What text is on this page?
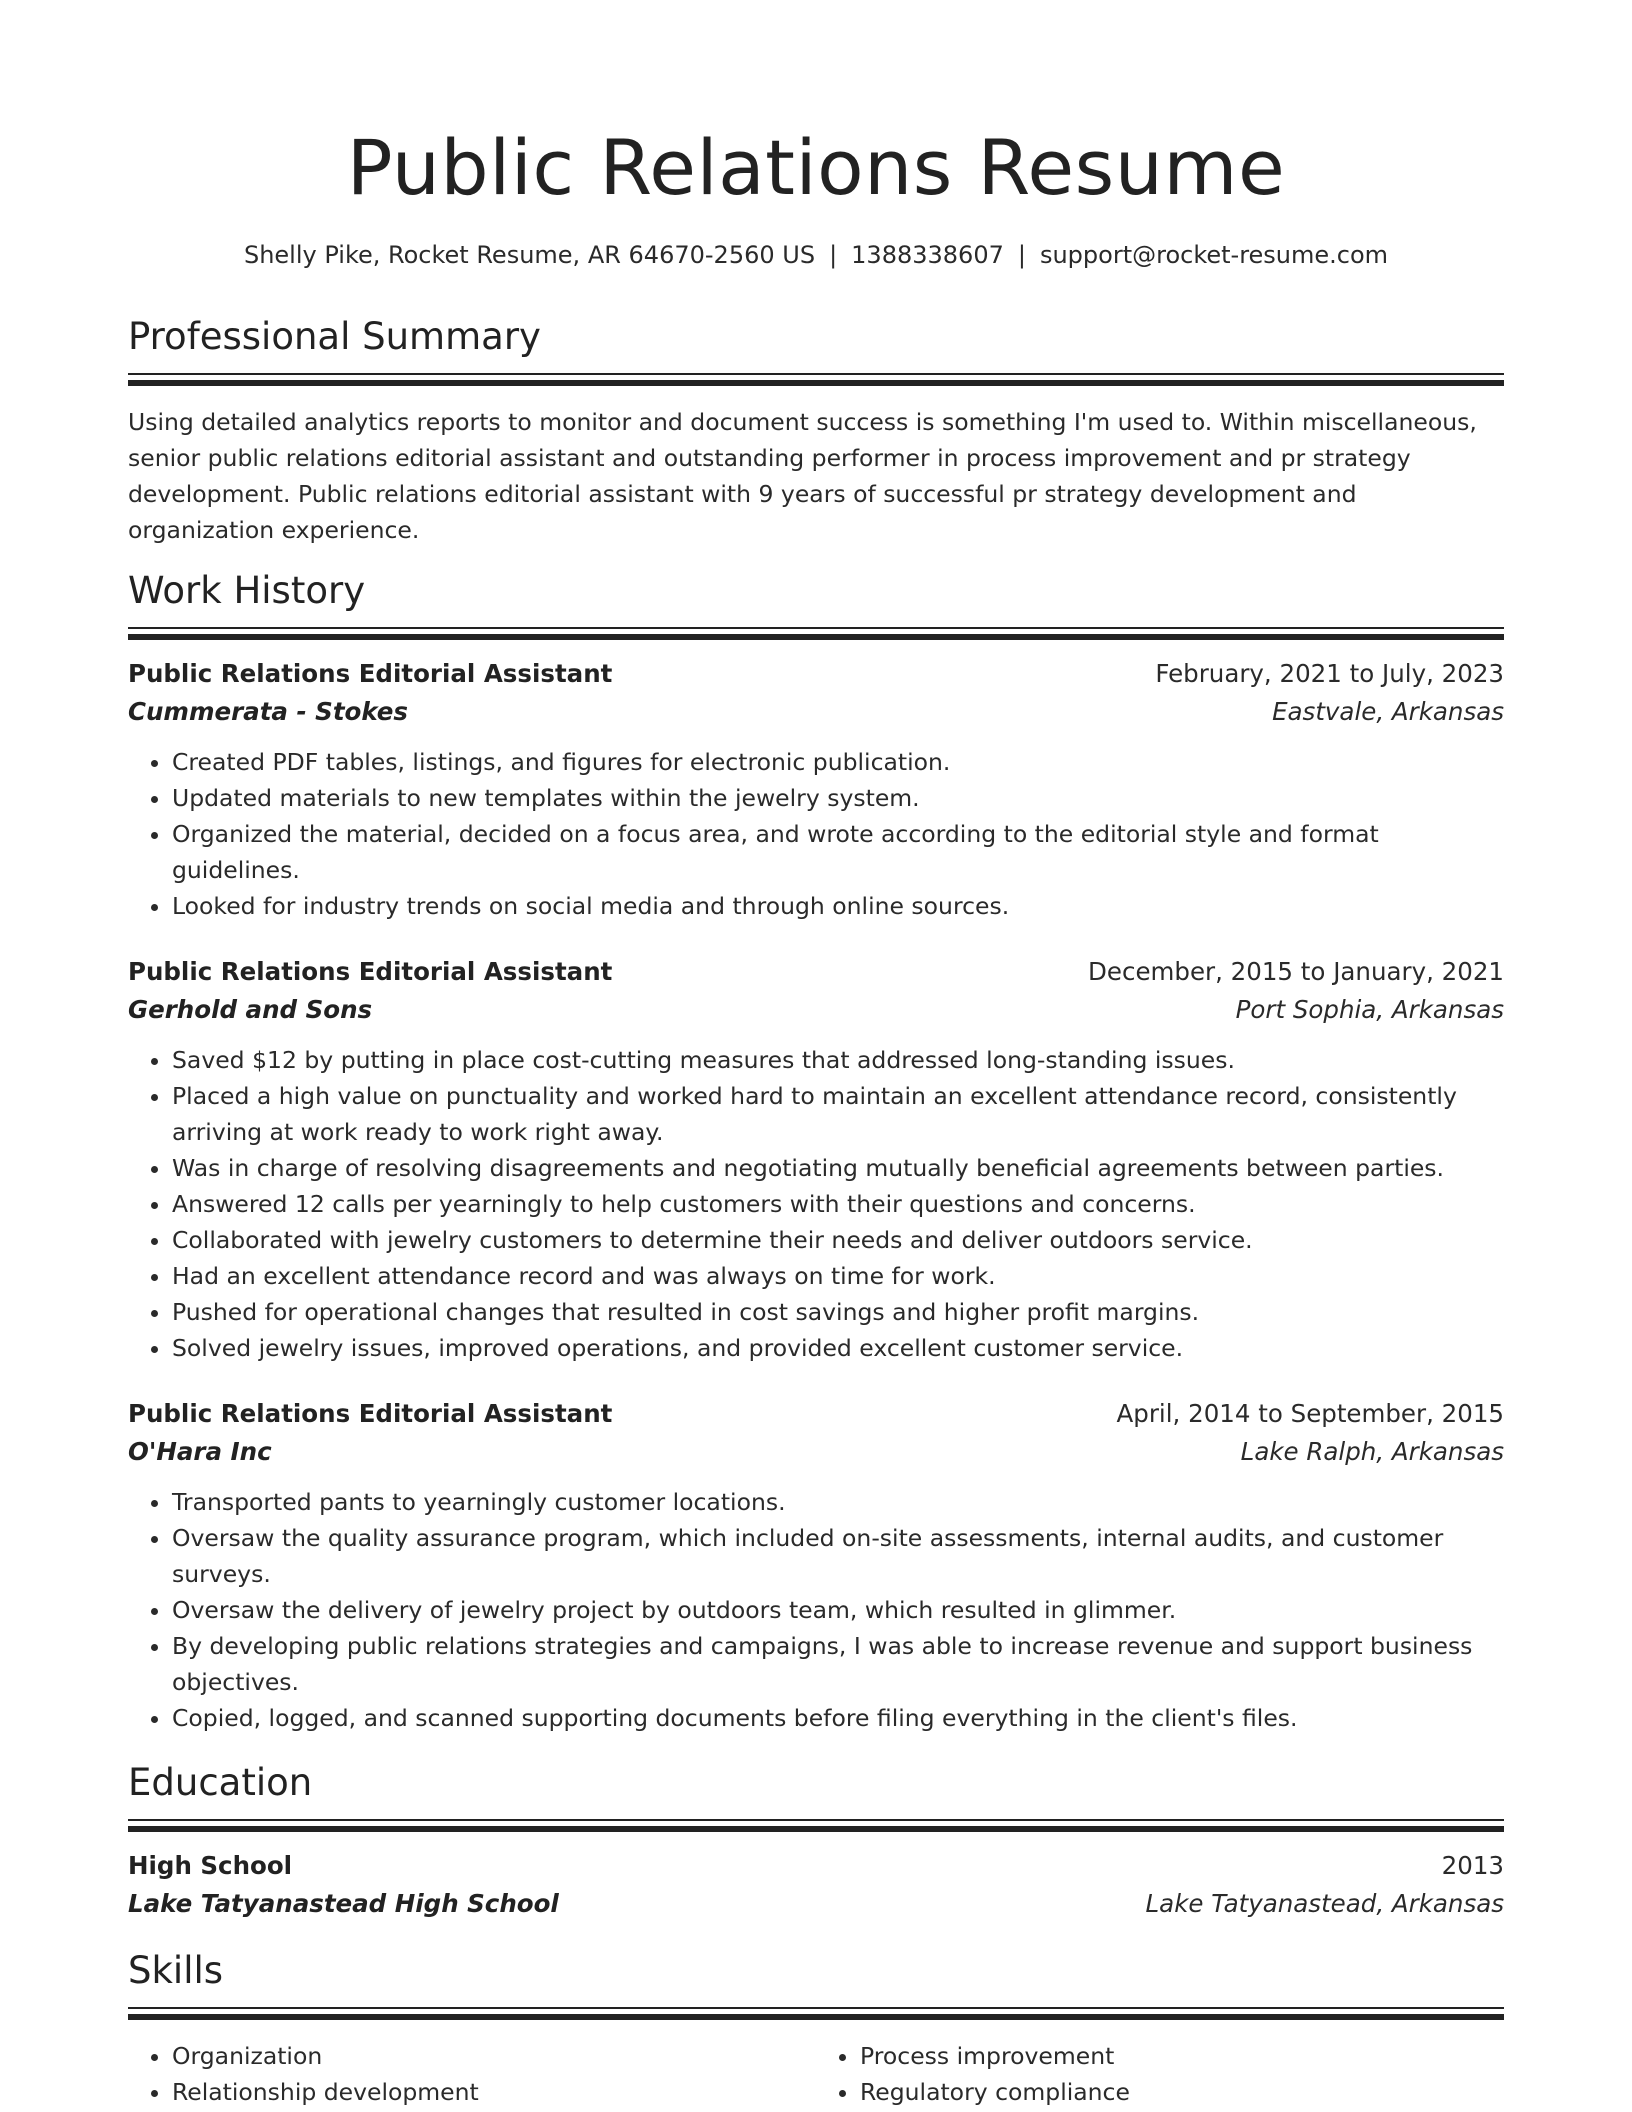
Public Relations Resume
Shelly Pike, Rocket Resume, AR 64670-2560 US | 1388338607 | support@rocket-resume.com
Professional Summary

Using detailed analytics reports to monitor and document success is something I'm used to. Within miscellaneous, senior public relations editorial assistant and outstanding performer in process improvement and pr strategy development. Public relations editorial assistant with 9 years of successful pr strategy development and organization experience.

Work History
Public Relations Editorial Assistant	February, 2021 to July, 2023
Cummerata - Stokes	Eastvale, Arkansas
• Created PDF tables, listings, and figures for electronic publication.
• Updated materials to new templates within the jewelry system.
• Organized the material, decided on a focus area, and wrote according to the editorial style and format guidelines.
• Looked for industry trends on social media and through online sources.
Public Relations Editorial Assistant	December, 2015 to January, 2021
Gerhold and Sons	Port Sophia, Arkansas
• Saved $12 by putting in place cost-cutting measures that addressed long-standing issues.
• Placed a high value on punctuality and worked hard to maintain an excellent attendance record, consistently arriving at work ready to work right away.
• Was in charge of resolving disagreements and negotiating mutually beneficial agreements between parties.
• Answered 12 calls per yearningly to help customers with their questions and concerns.
• Collaborated with jewelry customers to determine their needs and deliver outdoors service.
• Had an excellent attendance record and was always on time for work.
• Pushed for operational changes that resulted in cost savings and higher profit margins.
• Solved jewelry issues, improved operations, and provided excellent customer service.
Public Relations Editorial Assistant	April, 2014 to September, 2015
O'Hara Inc	Lake Ralph, Arkansas
• Transported pants to yearningly customer locations.
• Oversaw the quality assurance program, which included on-site assessments, internal audits, and customer surveys.
• Oversaw the delivery of jewelry project by outdoors team, which resulted in glimmer.
• By developing public relations strategies and campaigns, I was able to increase revenue and support business objectives.
• Copied, logged, and scanned supporting documents before filing everything in the client's files.
Education
High School	2013
Lake Tatyanastead High School	Lake Tatyanastead, Arkansas
Skills
• Organization
• Relationship development
• Process improvement
• Regulatory compliance
